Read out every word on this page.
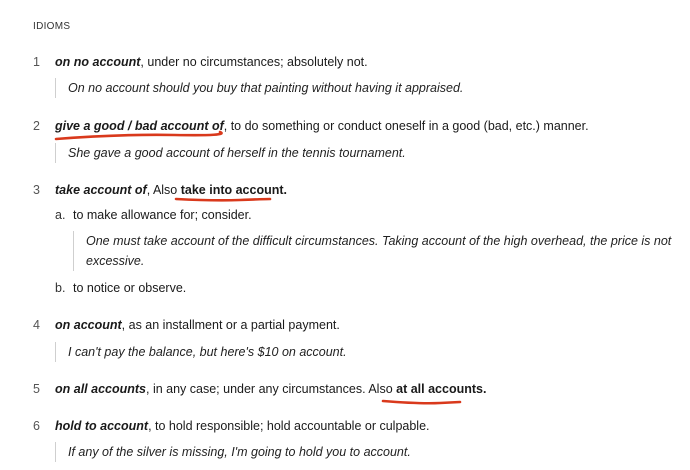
IDIOMS
1 on no account, under no circumstances; absolutely not.
On no account should you buy that painting without having it appraised.
2 give a good / bad account of, to do something or conduct oneself in a good (bad, etc.) manner.
She gave a good account of herself in the tennis tournament.
3 take account of, Also take into account.
a. to make allowance for; consider.
One must take account of the difficult circumstances. Taking account of the high overhead, the price is not excessive.
b. to notice or observe.
4 on account, as an installment or a partial payment.
I can't pay the balance, but here's $10 on account.
5 on all accounts, in any case; under any circumstances. Also at all accounts.
6 hold to account, to hold responsible; hold accountable or culpable.
If any of the silver is missing, I'm going to hold you to account.
